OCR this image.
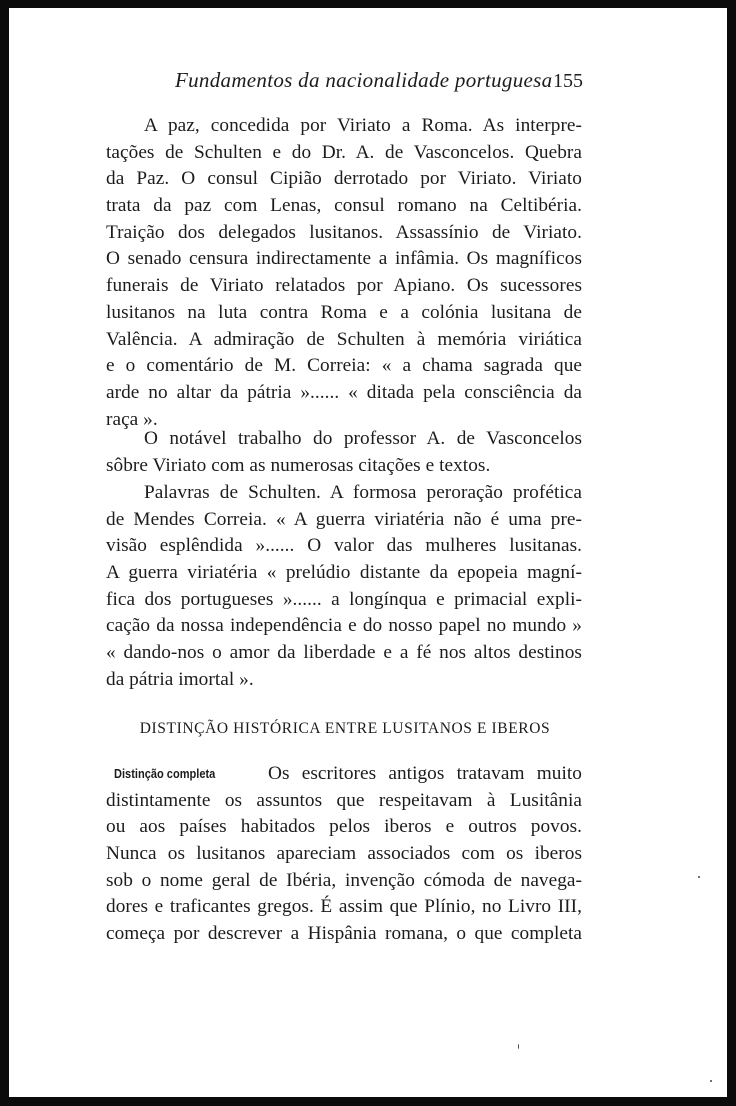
Fundamentos da nacionalidade portuguesa 155
A paz, concedida por Viriato a Roma. As interpre-
tações de Schulten e do Dr. A. de Vasconcelos. Quebra
da Paz. O consul Cipião derrotado por Viriato. Viriato
trata da paz com Lenas, consul romano na Celtibéria.
Traição dos delegados lusitanos. Assassínio de Viriato.
O senado censura indirectamente a infâmia. Os magníficos
funerais de Viriato relatados por Apiano. Os sucessores
lusitanos na luta contra Roma e a colónia lusitana de
Valência. A admiração de Schulten à memória viriática
e o comentário de M. Correia: « a chama sagrada que
arde no altar da pátria »...... « ditada pela consciência da
raça ».
O notável trabalho do professor A. de Vasconcelos
sôbre Viriato com as numerosas citações e textos.
Palavras de Schulten. A formosa peroração profética
de Mendes Correia. « A guerra viriatéria não é uma pre-
visão esplêndida »...... O valor das mulheres lusitanas.
A guerra viriatéria « prelúdio distante da epopeia magní-
fica dos portugueses »...... a longínqua e primacial expli-
cação da nossa independência e do nosso papel no mundo »
« dando-nos o amor da liberdade e a fé nos altos destinos
da pátria imortal ».
DISTINÇÃO HISTÓRICA ENTRE LUSITANOS E IBEROS
Distinção completa	Os escritores antigos tratavam muito
distintamente os assuntos que respeitavam à Lusitânia
ou aos países habitados pelos iberos e outros povos.
Nunca os lusitanos apareciam associados com os iberos
sob o nome geral de Ibéria, invenção cómoda de navega-
dores e traficantes gregos. É assim que Plínio, no Livro III,
começa por descrever a Hispânia romana, o que completa
